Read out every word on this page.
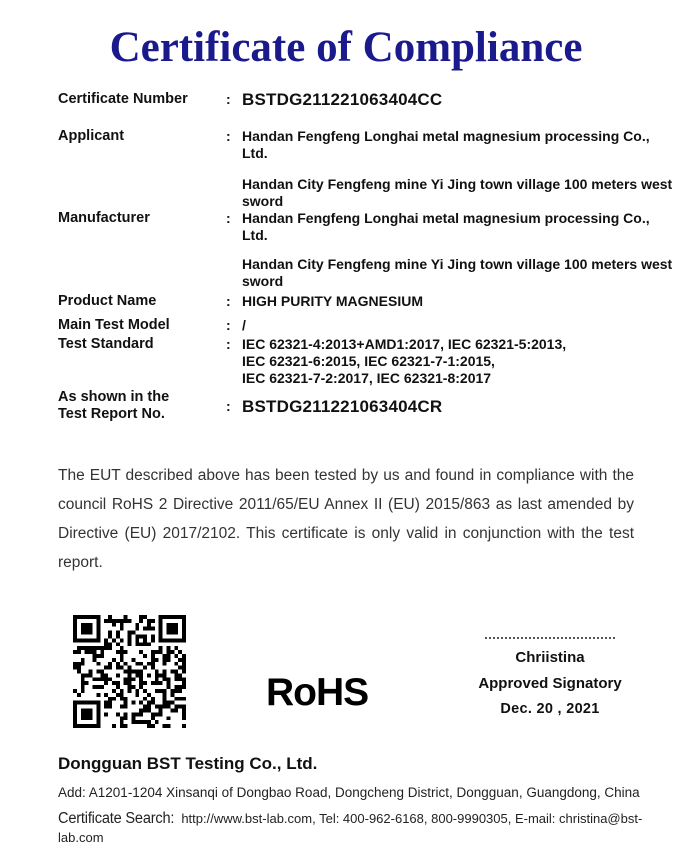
Certificate of Compliance
Certificate Number	: BSTDG211221063404CC
Applicant	: Handan Fengfeng Longhai metal magnesium processing Co.,
Ltd.
Handan City Fengfeng mine Yi Jing town village 100 meters west
sword
Manufacturer	: Handan Fengfeng Longhai metal magnesium processing Co.,
Ltd.
Handan City Fengfeng mine Yi Jing town village 100 meters west
sword
Product Name	: HIGH PURITY MAGNESIUM
Main Test Model	: /
Test Standard	: IEC 62321-4:2013+AMD1:2017, IEC 62321-5:2013,
IEC 62321-6:2015, IEC 62321-7-1:2015,
IEC 62321-7-2:2017, IEC 62321-8:2017
As shown in the
Test Report No.
: BSTDG211221063404CR

The EUT described above has been tested by us and found in compliance with the council RoHS 2 Directive 2011/65/EU Annex II (EU) 2015/863 as last amended by Directive (EU) 2017/2102. This certificate is only valid in conjunction with the test report.

RoHS
Chriistina
Approved Signatory
Dec. 20 , 2021
Dongguan BST Testing Co., Ltd.
Add: A1201-1204 Xinsanqi of Dongbao Road, Dongcheng District, Dongguan, Guangdong, China
Certificate Search: http://www.bst-lab.com, Tel: 400-962-6168, 800-9990305, E-mail: christina@bst-lab.com
